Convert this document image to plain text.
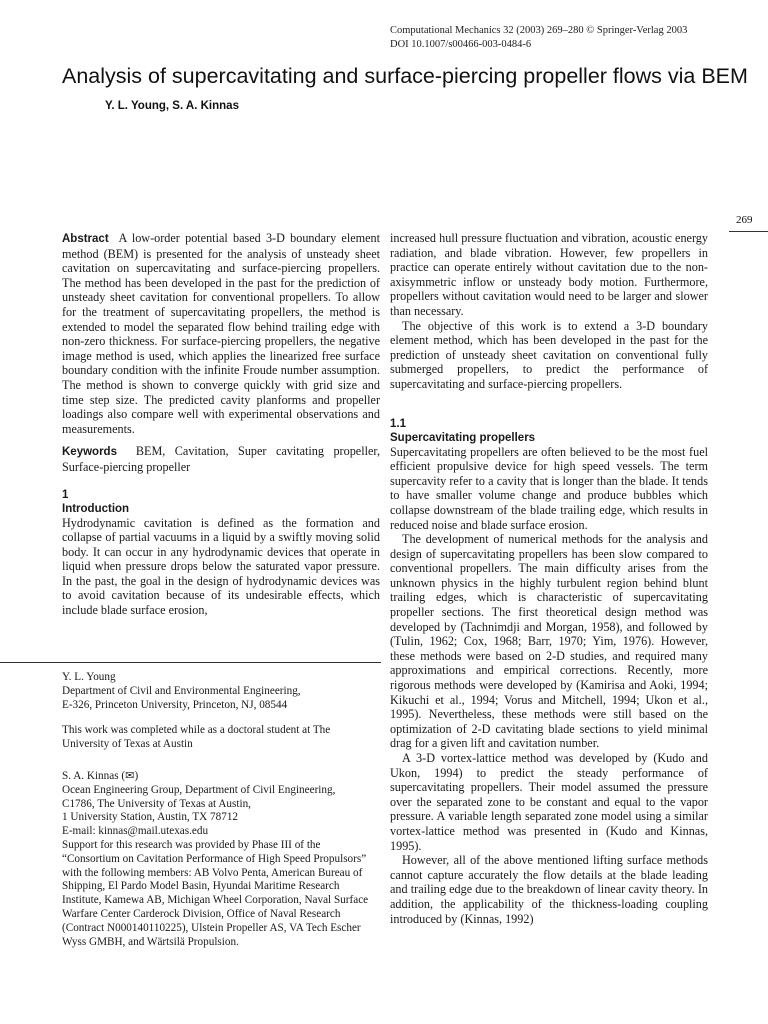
Computational Mechanics 32 (2003) 269–280 © Springer-Verlag 2003
DOI 10.1007/s00466-003-0484-6
Analysis of supercavitating and surface-piercing propeller flows via BEM
Y. L. Young, S. A. Kinnas
269

Abstract A low-order potential based 3-D boundary element method (BEM) is presented for the analysis of unsteady sheet cavitation on supercavitating and surface-piercing propellers. The method has been developed in the past for the prediction of unsteady sheet cavitation for conventional propellers. To allow for the treatment of supercavitating propellers, the method is extended to model the separated flow behind trailing edge with non-zero thickness. For surface-piercing propellers, the negative image method is used, which applies the linearized free surface boundary condition with the infinite Froude number assumption. The method is shown to converge quickly with grid size and time step size. The predicted cavity planforms and propeller loadings also compare well with experimental observations and measurements.

Keywords BEM, Cavitation, Super cavitating propeller, Surface-piercing propeller

1

Introduction

Hydrodynamic cavitation is defined as the formation and collapse of partial vacuums in a liquid by a swiftly moving solid body. It can occur in any hydrodynamic devices that operate in liquid when pressure drops below the saturated vapor pressure. In the past, the goal in the design of hydrodynamic devices was to avoid cavitation because of its undesirable effects, which include blade surface erosion,

Y. L. Young

Department of Civil and Environmental Engineering,

E-326, Princeton University, Princeton, NJ, 08544

This work was completed while as a doctoral student at The University of Texas at Austin

S. A. Kinnas (✉)

Ocean Engineering Group, Department of Civil Engineering,

C1786, The University of Texas at Austin,

1 University Station, Austin, TX 78712

E-mail: kinnas@mail.utexas.edu

Support for this research was provided by Phase III of the “Consortium on Cavitation Performance of High Speed Propulsors” with the following members: AB Volvo Penta, American Bureau of Shipping, El Pardo Model Basin, Hyundai Maritime Research Institute, Kamewa AB, Michigan Wheel Corporation, Naval Surface Warfare Center Carderock Division, Office of Naval Research (Contract N000140110225), Ulstein Propeller AS, VA Tech Escher Wyss GMBH, and Wärtsilä Propulsion.

increased hull pressure fluctuation and vibration, acoustic energy radiation, and blade vibration. However, few propellers in practice can operate entirely without cavitation due to the non-axisymmetric inflow or unsteady body motion. Furthermore, propellers without cavitation would need to be larger and slower than necessary.

The objective of this work is to extend a 3-D boundary element method, which has been developed in the past for the prediction of unsteady sheet cavitation on conventional fully submerged propellers, to predict the performance of supercavitating and surface-piercing propellers.

1.1

Supercavitating propellers

Supercavitating propellers are often believed to be the most fuel efficient propulsive device for high speed vessels. The term supercavity refer to a cavity that is longer than the blade. It tends to have smaller volume change and produce bubbles which collapse downstream of the blade trailing edge, which results in reduced noise and blade surface erosion.

The development of numerical methods for the analysis and design of supercavitating propellers has been slow compared to conventional propellers. The main difficulty arises from the unknown physics in the highly turbulent region behind blunt trailing edges, which is characteristic of supercavitating propeller sections. The first theoretical design method was developed by (Tachnimdji and Morgan, 1958), and followed by (Tulin, 1962; Cox, 1968; Barr, 1970; Yim, 1976). However, these methods were based on 2-D studies, and required many approximations and empirical corrections. Recently, more rigorous methods were developed by (Kamirisa and Aoki, 1994; Kikuchi et al., 1994; Vorus and Mitchell, 1994; Ukon et al., 1995). Nevertheless, these methods were still based on the optimization of 2-D cavitating blade sections to yield minimal drag for a given lift and cavitation number.

A 3-D vortex-lattice method was developed by (Kudo and Ukon, 1994) to predict the steady performance of supercavitating propellers. Their model assumed the pressure over the separated zone to be constant and equal to the vapor pressure. A variable length separated zone model using a similar vortex-lattice method was presented in (Kudo and Kinnas, 1995).

However, all of the above mentioned lifting surface methods cannot capture accurately the flow details at the blade leading and trailing edge due to the breakdown of linear cavity theory. In addition, the applicability of the thickness-loading coupling introduced by (Kinnas, 1992)
